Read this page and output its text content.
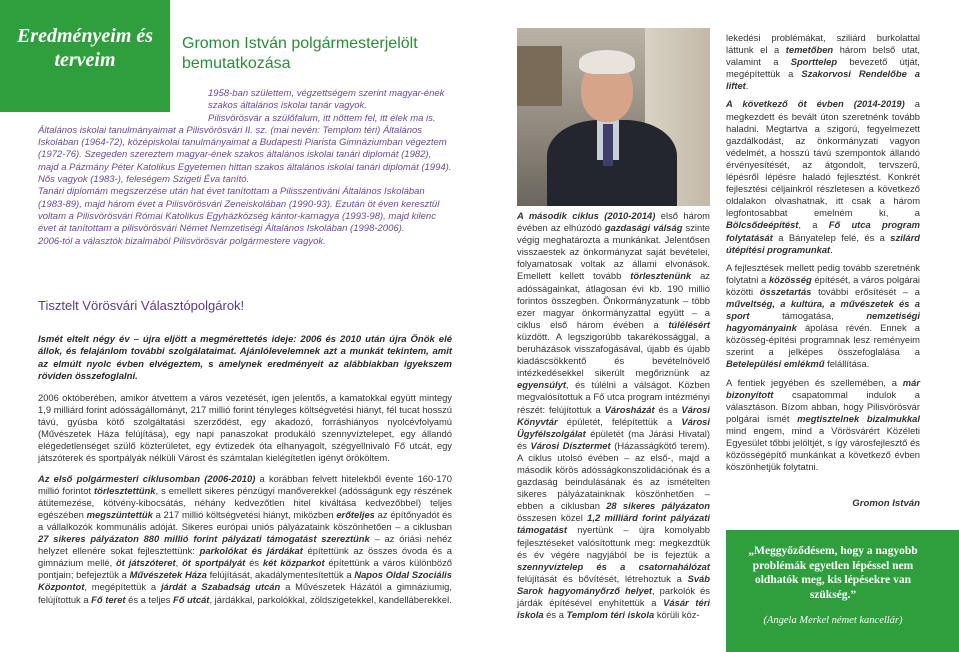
Eredményeim és terveim
Gromon István polgármesterjelölt bemutatkozása

1958-ban születtem, végzettségem szerint magyar-ének szakos általános iskolai tanár vagyok.

Pilisvörösvár a szülőfalum, itt nőttem fel, itt élek ma is.

Általános iskolai tanulmányaimat a Pilisvörösvári II. sz. (mai nevén: Templom téri) Általános Iskolában (1964-72), középiskolai tanulmányaimat a Budapesti Piarista Gimnáziumban végeztem (1972-76). Szegeden szereztem magyar-ének szakos általános iskolai tanári diplomát (1982), majd a Pázmány Péter Katolikus Egyetemen hittan szakos általános iskolai tanári diplomát (1994). Nős vagyok (1983-), feleségem Szigeti Éva tanító.

Tanári diplomám megszerzése után hat évet tanítottam a Pilisszentiváni Általános Iskolában (1983-89), majd három évet a Pilisvörösvári Zeneiskolában (1990-93). Ezután öt éven keresztül voltam a Pilisvörösvári Római Katolikus Egyházközség kántor-karnagya (1993-98), majd kilenc évet át tanítottam a pilisvörösvári Német Nemzetiségi Általános Iskolában (1998-2006).

2006-tól a választók bizalmából Pilisvörösvár polgármestere vagyok.

Tisztelt Vörösvári Választópolgárok!
Ismét eltelt négy év – újra eljött a megmérettetés ideje: 2006 és 2010 után újra Önök elé állok, és felajánlom további szolgálataimat. Ajánlólevelemnek azt a munkát tekintem, amit az elmúlt nyolc évben elvégeztem, s amelynek eredményeit az alábbiakban igyekszem röviden összefoglalni.

2006 októberében, amikor átvettem a város vezetését, igen jelentős, a kamatokkal együtt mintegy 1,9 milliárd forint adósságállományt, 217 millió forint tényleges költségvetési hiányt, fél tucat hosszú távú, gyúsba kötő szolgáltatási szerződést, egy akadozó, forráshiányos nyolcévfolyamú (Művészetek Háza felújítása), egy napi panaszokat produkáló szennyvíztelepet, egy állandó elégedetlenséget szülő közterületet, egy évtizedek óta elhanyagolt, szégyellnivaló Fő utcát, egy játszóterek és sportpályák nélküli Várost és számtalan kielégítetlen igényt örököltem.

Az első polgármesteri ciklusomban (2006-2010) a korábban felvett hitelekből évente 160-170 millió forintot törlesztettünk, s emellett sikeres pénzügyi manőverekkel (adósságunk egy részének átütemezése, kötvény-kibocsátás, néhány kedvezőtlen hitel kiváltása kedvezőbbel) teljes egészében megszüntettük a 217 millió költségvetési hiányt, miközben erőteljes az építőnyadót és a vállalkozók kommunális adóját. Sikeres európai uniós pályázataink köszönhetően – a ciklusban 27 sikeres pályázaton 880 millió forint pályázati támogatást szereztünk – az óriási nehéz helyzet ellenére sokat fejlesztettünk: parkolókat és járdákat építettünk az összes óvoda és a gimnázium mellé, öt játszóteret, öt sportpályát és két közparkot építettünk a város különböző pontjain; befejeztük a Művészetek Háza felújítását, akadálymentesítettük a Napos Oldal Szociális Központot, megépítettük a járdát a Szabadság utcán a Művészetek Házától a gimnáziumig, felújítottuk a Fő teret és a teljes Fő utcát, járdákkal, parkolókkal, zöldszigetekkel, kandelláberekkel.

A második ciklus (2010-2014) első három évében az elhúzódó gazdasági válság szinte végig meghatározta a munkánkat. Jelentősen visszaestek az önkormányzat saját bevételei, folyamatosak voltak az állami elvonások. Emellett kellett tovább törlesztenünk az adósságainkat, átlagosan évi kb. 190 millió forintos összegben. Önkormányzatunk – több ezer magyar önkormányzattal együtt – a ciklus első három évében a túlélésért küzdött. A legszigorúbb takarékossággal, a beruházások visszafogásával, újabb és újabb kiadáscsökkentő és bevételnövelő intézkedésekkel sikerült megőriznünk az egyensúlyt, és túlélni a válságot. Közben megvalósítottuk a Fő utca program intézményi részét: felújítottuk a Városházát és a Városi Könyvtár épületét, felépítettük a Városi Ügyfélszolgálat épületét (ma Járási Hivatal) és Városi Dísztermet (Házasságkötő terem). A ciklus utolsó évében – az első-, majd a második körös adósságkonszolidációnak és a gazdaság beindulásának és az ismételten sikeres pályázatainknak köszönhetően – ebben a ciklusban 28 sikeres pályázaton összesen közel 1,2 milliárd forint pályázati támogatást nyertünk – újra komolyabb fejlesztéseket valósítottunk meg: megkezdtük és év végére nagyjából be is fejeztük a szennyvíztelep és a csatornahálózat felújítását és bővítését, létrehoztuk a Sváb Sarok hagyományőrző helyet, parkolók és járdák építésével enyhítettük a Vásár téri iskola és a Templom téri iskola körüli köz-

lekedési problémákat, sziliárd burkolattal láttunk el a temetőben három belső utat, valamint a Sporttelep bevezető útját, megépítettük a Szakorvosi Rendelőbe a liftet.

A következő öt évben (2014-2019) a megkezdett és bevált úton szeretnénk tovább haladni. Megtartva a szigorú, fegyelmezett gazdálkodást, az önkormányzati vagyon védelmét, a hosszú távú szempontok állandó érvényesítését, az átgondolt, tervszerű, lépésről lépésre haladó fejlesztést. Konkrét fejlesztési céljainkról részletesen a következő oldalakon olvashatnak, itt csak a három legfontosabbat emelném ki, a Bölcsődeépítést, a Fő utca program folytatását a Bányatelep felé, és a szilárd útépítési programunkat.

A fejlesztések mellett pedig tovább szeretnénk folytatni a közösség építését, a város polgárai közötti összetartás további erősítését – a műveltség, a kultúra, a művészetek és a sport támogatása, nemzetiségi hagyományaink ápolása révén. Ennek a közösség-építési programnak lesz reményeim szerint a jelképes összefoglalása a Betelepülési emlékmű felállítása.

A fentiek jegyében és szellemében, a már bizonyított csapatommal indulok a választáson. Bízom abban, hogy Pilisvörösvár polgárai ismét megtisztelnek bizalmukkal mind engem, mind a Vörösvárért Közéleti Egyesület tőbbi jelöltjét, s így városfejlesztő és közösségépítő munkánkat a következő évben köszönhetjük folytatni.

Gromon István
„Meggyőződésem, hogy a nagyobb problémák egyetlen lépéssel nem oldhatók meg, kis lépésekre van szükség.”
(Angela Merkel német kancellár)
